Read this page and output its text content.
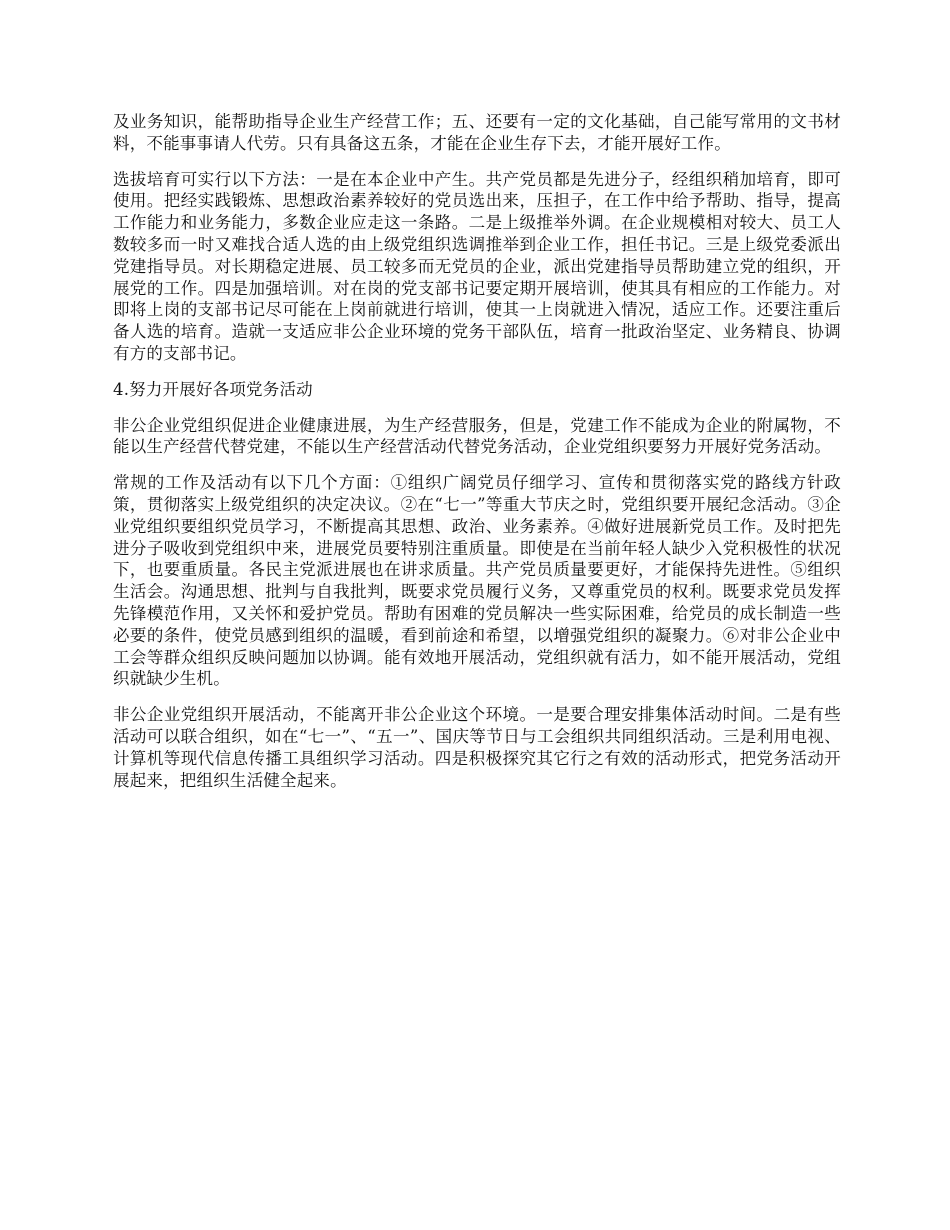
及业务知识，能帮助指导企业生产经营工作；五、还要有一定的文化基础，自己能写常用的文书材料，不能事事请人代劳。只有具备这五条，才能在企业生存下去，才能开展好工作。

选拔培育可实行以下方法：一是在本企业中产生。共产党员都是先进分子，经组织稍加培育，即可使用。把经实践锻炼、思想政治素养较好的党员选出来，压担子，在工作中给予帮助、指导，提高工作能力和业务能力，多数企业应走这一条路。二是上级推举外调。在企业规模相对较大、员工人数较多而一时又难找合适人选的由上级党组织选调推举到企业工作，担任书记。三是上级党委派出党建指导员。对长期稳定进展、员工较多而无党员的企业，派出党建指导员帮助建立党的组织，开展党的工作。四是加强培训。对在岗的党支部书记要定期开展培训，使其具有相应的工作能力。对即将上岗的支部书记尽可能在上岗前就进行培训，使其一上岗就进入情况，适应工作。还要注重后备人选的培育。造就一支适应非公企业环境的党务干部队伍，培育一批政治坚定、业务精良、协调有方的支部书记。

4.努力开展好各项党务活动

非公企业党组织促进企业健康进展，为生产经营服务，但是，党建工作不能成为企业的附属物，不能以生产经营代替党建，不能以生产经营活动代替党务活动，企业党组织要努力开展好党务活动。

常规的工作及活动有以下几个方面：①组织广阔党员仔细学习、宣传和贯彻落实党的路线方针政策，贯彻落实上级党组织的决定决议。②在“七一”等重大节庆之时，党组织要开展纪念活动。③企业党组织要组织党员学习，不断提高其思想、政治、业务素养。④做好进展新党员工作。及时把先进分子吸收到党组织中来，进展党员要特别注重质量。即使是在当前年轻人缺少入党积极性的状况下，也要重质量。各民主党派进展也在讲求质量。共产党员质量要更好，才能保持先进性。⑤组织生活会。沟通思想、批判与自我批判，既要求党员履行义务，又尊重党员的权利。既要求党员发挥先锋模范作用，又关怀和爱护党员。帮助有困难的党员解决一些实际困难，给党员的成长制造一些必要的条件，使党员感到组织的温暖，看到前途和希望，以增强党组织的凝聚力。⑥对非公企业中工会等群众组织反映问题加以协调。能有效地开展活动，党组织就有活力，如不能开展活动，党组织就缺少生机。

非公企业党组织开展活动，不能离开非公企业这个环境。一是要合理安排集体活动时间。二是有些活动可以联合组织，如在“七一”、“五一”、国庆等节日与工会组织共同组织活动。三是利用电视、计算机等现代信息传播工具组织学习活动。四是积极探究其它行之有效的活动形式，把党务活动开展起来，把组织生活健全起来。
